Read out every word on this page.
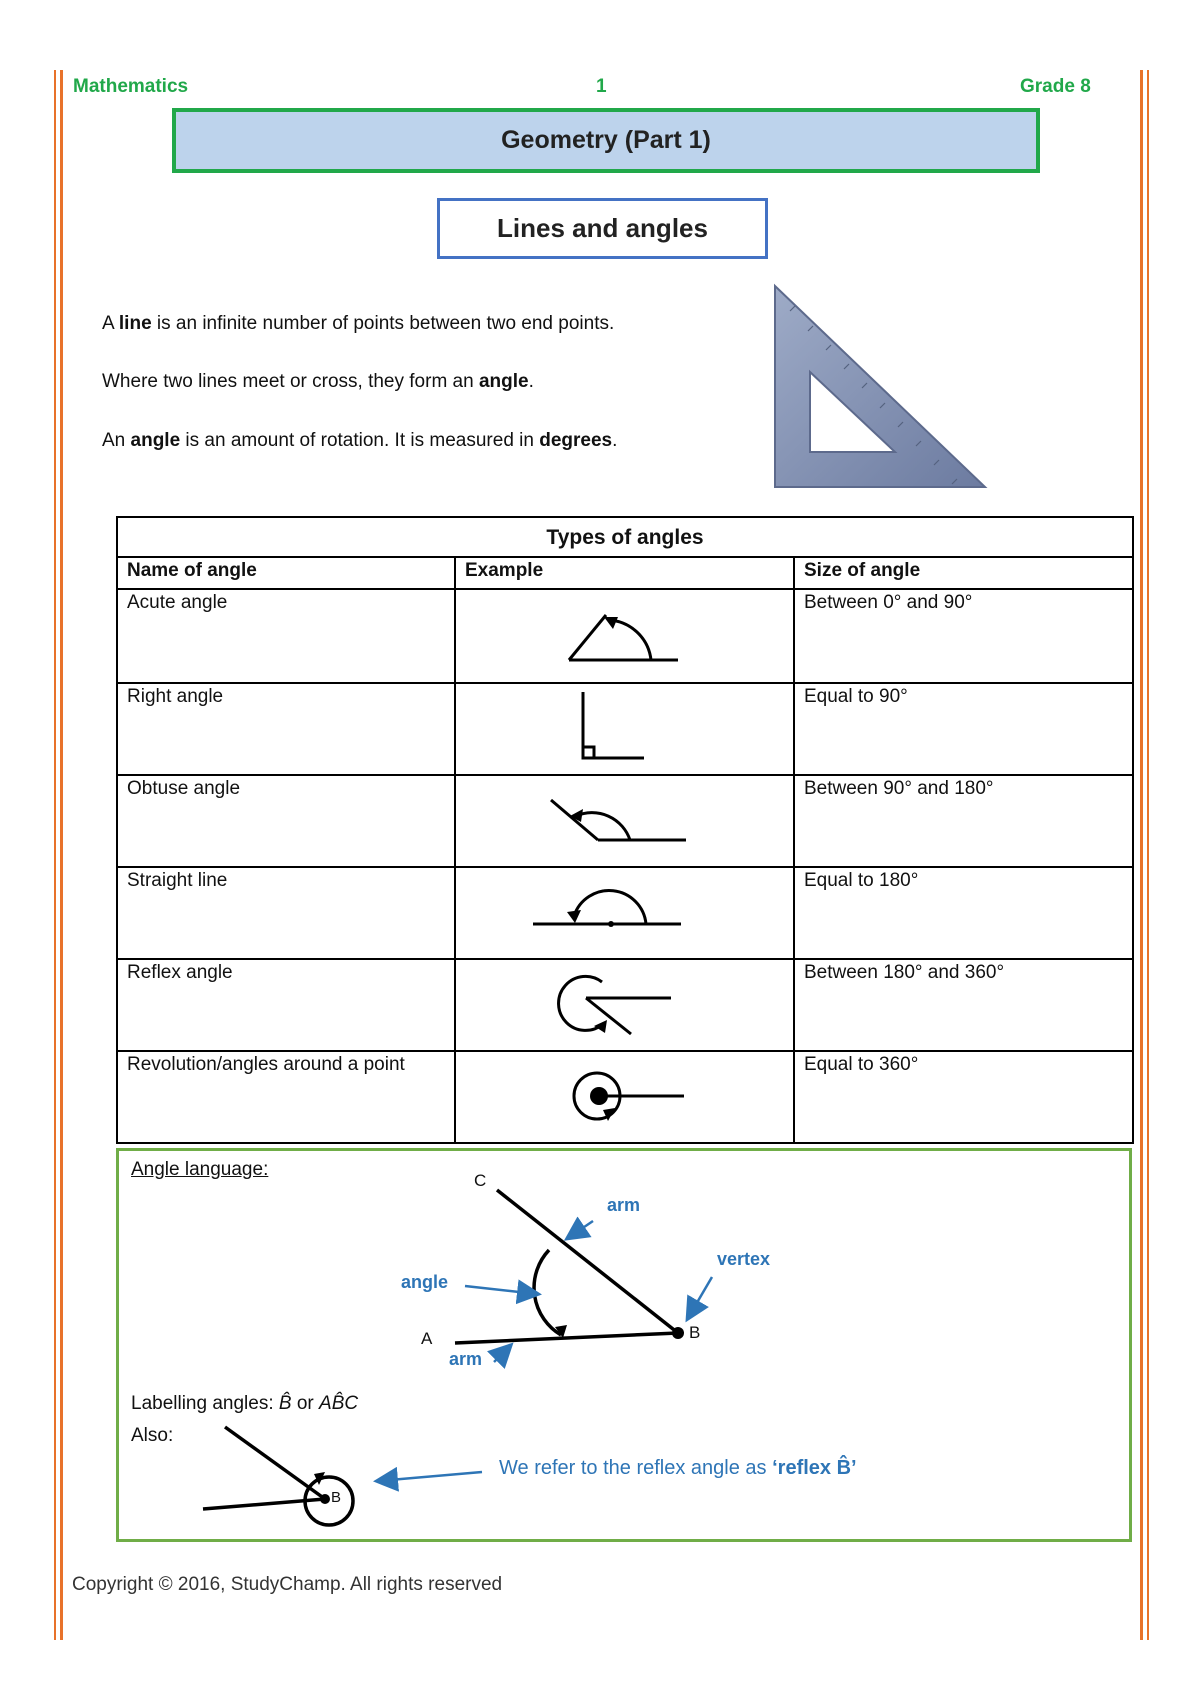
Mathematics	1	Grade 8
Geometry (Part 1)
Lines and angles
A line is an infinite number of points between two end points.
Where two lines meet or cross, they form an angle.
An angle is an amount of rotation. It is measured in degrees.
Types of angles		
Name of angle	Example	Size of angle
Acute angle		Between 0° and 90°
Right angle		Equal to 90°
Obtuse angle		Between 90° and 180°
Straight line		Equal to 180°
Reflex angle		Between 180° and 360°
Revolution/angles around a point		Equal to 360°
Angle language:
arm
angle
vertex
arm
C
A	B
B
Labelling angles: B̂ or AB̂C
Also:
We refer to the reflex angle as ‘reflex B̂’
Copyright © 2016, StudyChamp. All rights reserved
